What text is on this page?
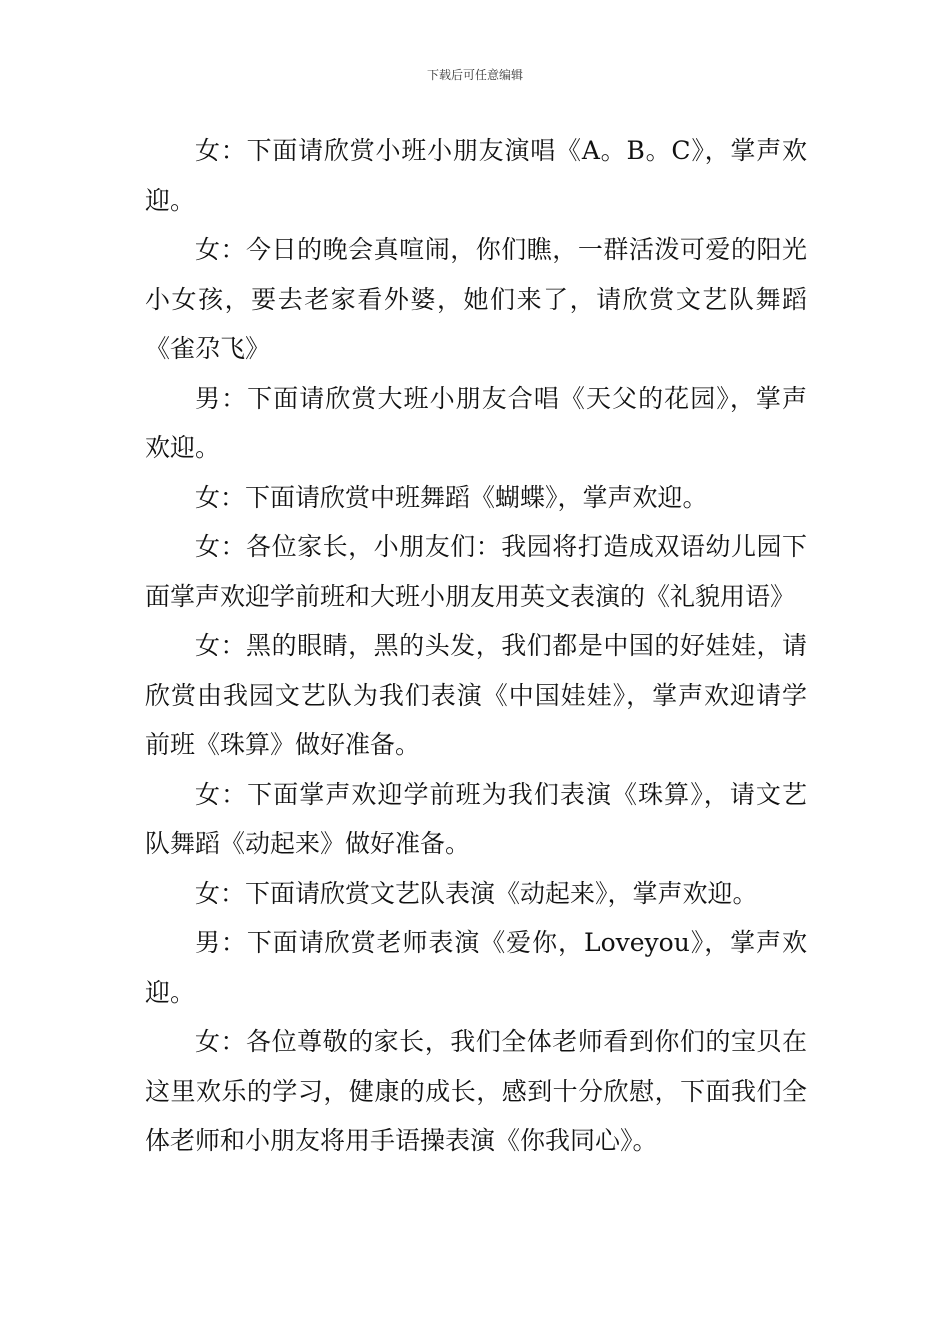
下载后可任意编辑

女：下面请欣赏小班小朋友演唱《A。B。C》，掌声欢迎。

女：今日的晚会真喧闹，你们瞧，一群活泼可爱的阳光小女孩，要去老家看外婆，她们来了，请欣赏文艺队舞蹈《雀尕飞》

男：下面请欣赏大班小朋友合唱《天父的花园》，掌声欢迎。

女：下面请欣赏中班舞蹈《蝴蝶》，掌声欢迎。

女：各位家长，小朋友们：我园将打造成双语幼儿园下面掌声欢迎学前班和大班小朋友用英文表演的《礼貌用语》

女：黑的眼睛，黑的头发，我们都是中国的好娃娃，请欣赏由我园文艺队为我们表演《中国娃娃》，掌声欢迎请学前班《珠算》做好准备。

女：下面掌声欢迎学前班为我们表演《珠算》，请文艺队舞蹈《动起来》做好准备。

女：下面请欣赏文艺队表演《动起来》，掌声欢迎。

男：下面请欣赏老师表演《爱你，Loveyou》，掌声欢迎。

女：各位尊敬的家长，我们全体老师看到你们的宝贝在这里欢乐的学习，健康的成长，感到十分欣慰，下面我们全体老师和小朋友将用手语操表演《你我同心》。
